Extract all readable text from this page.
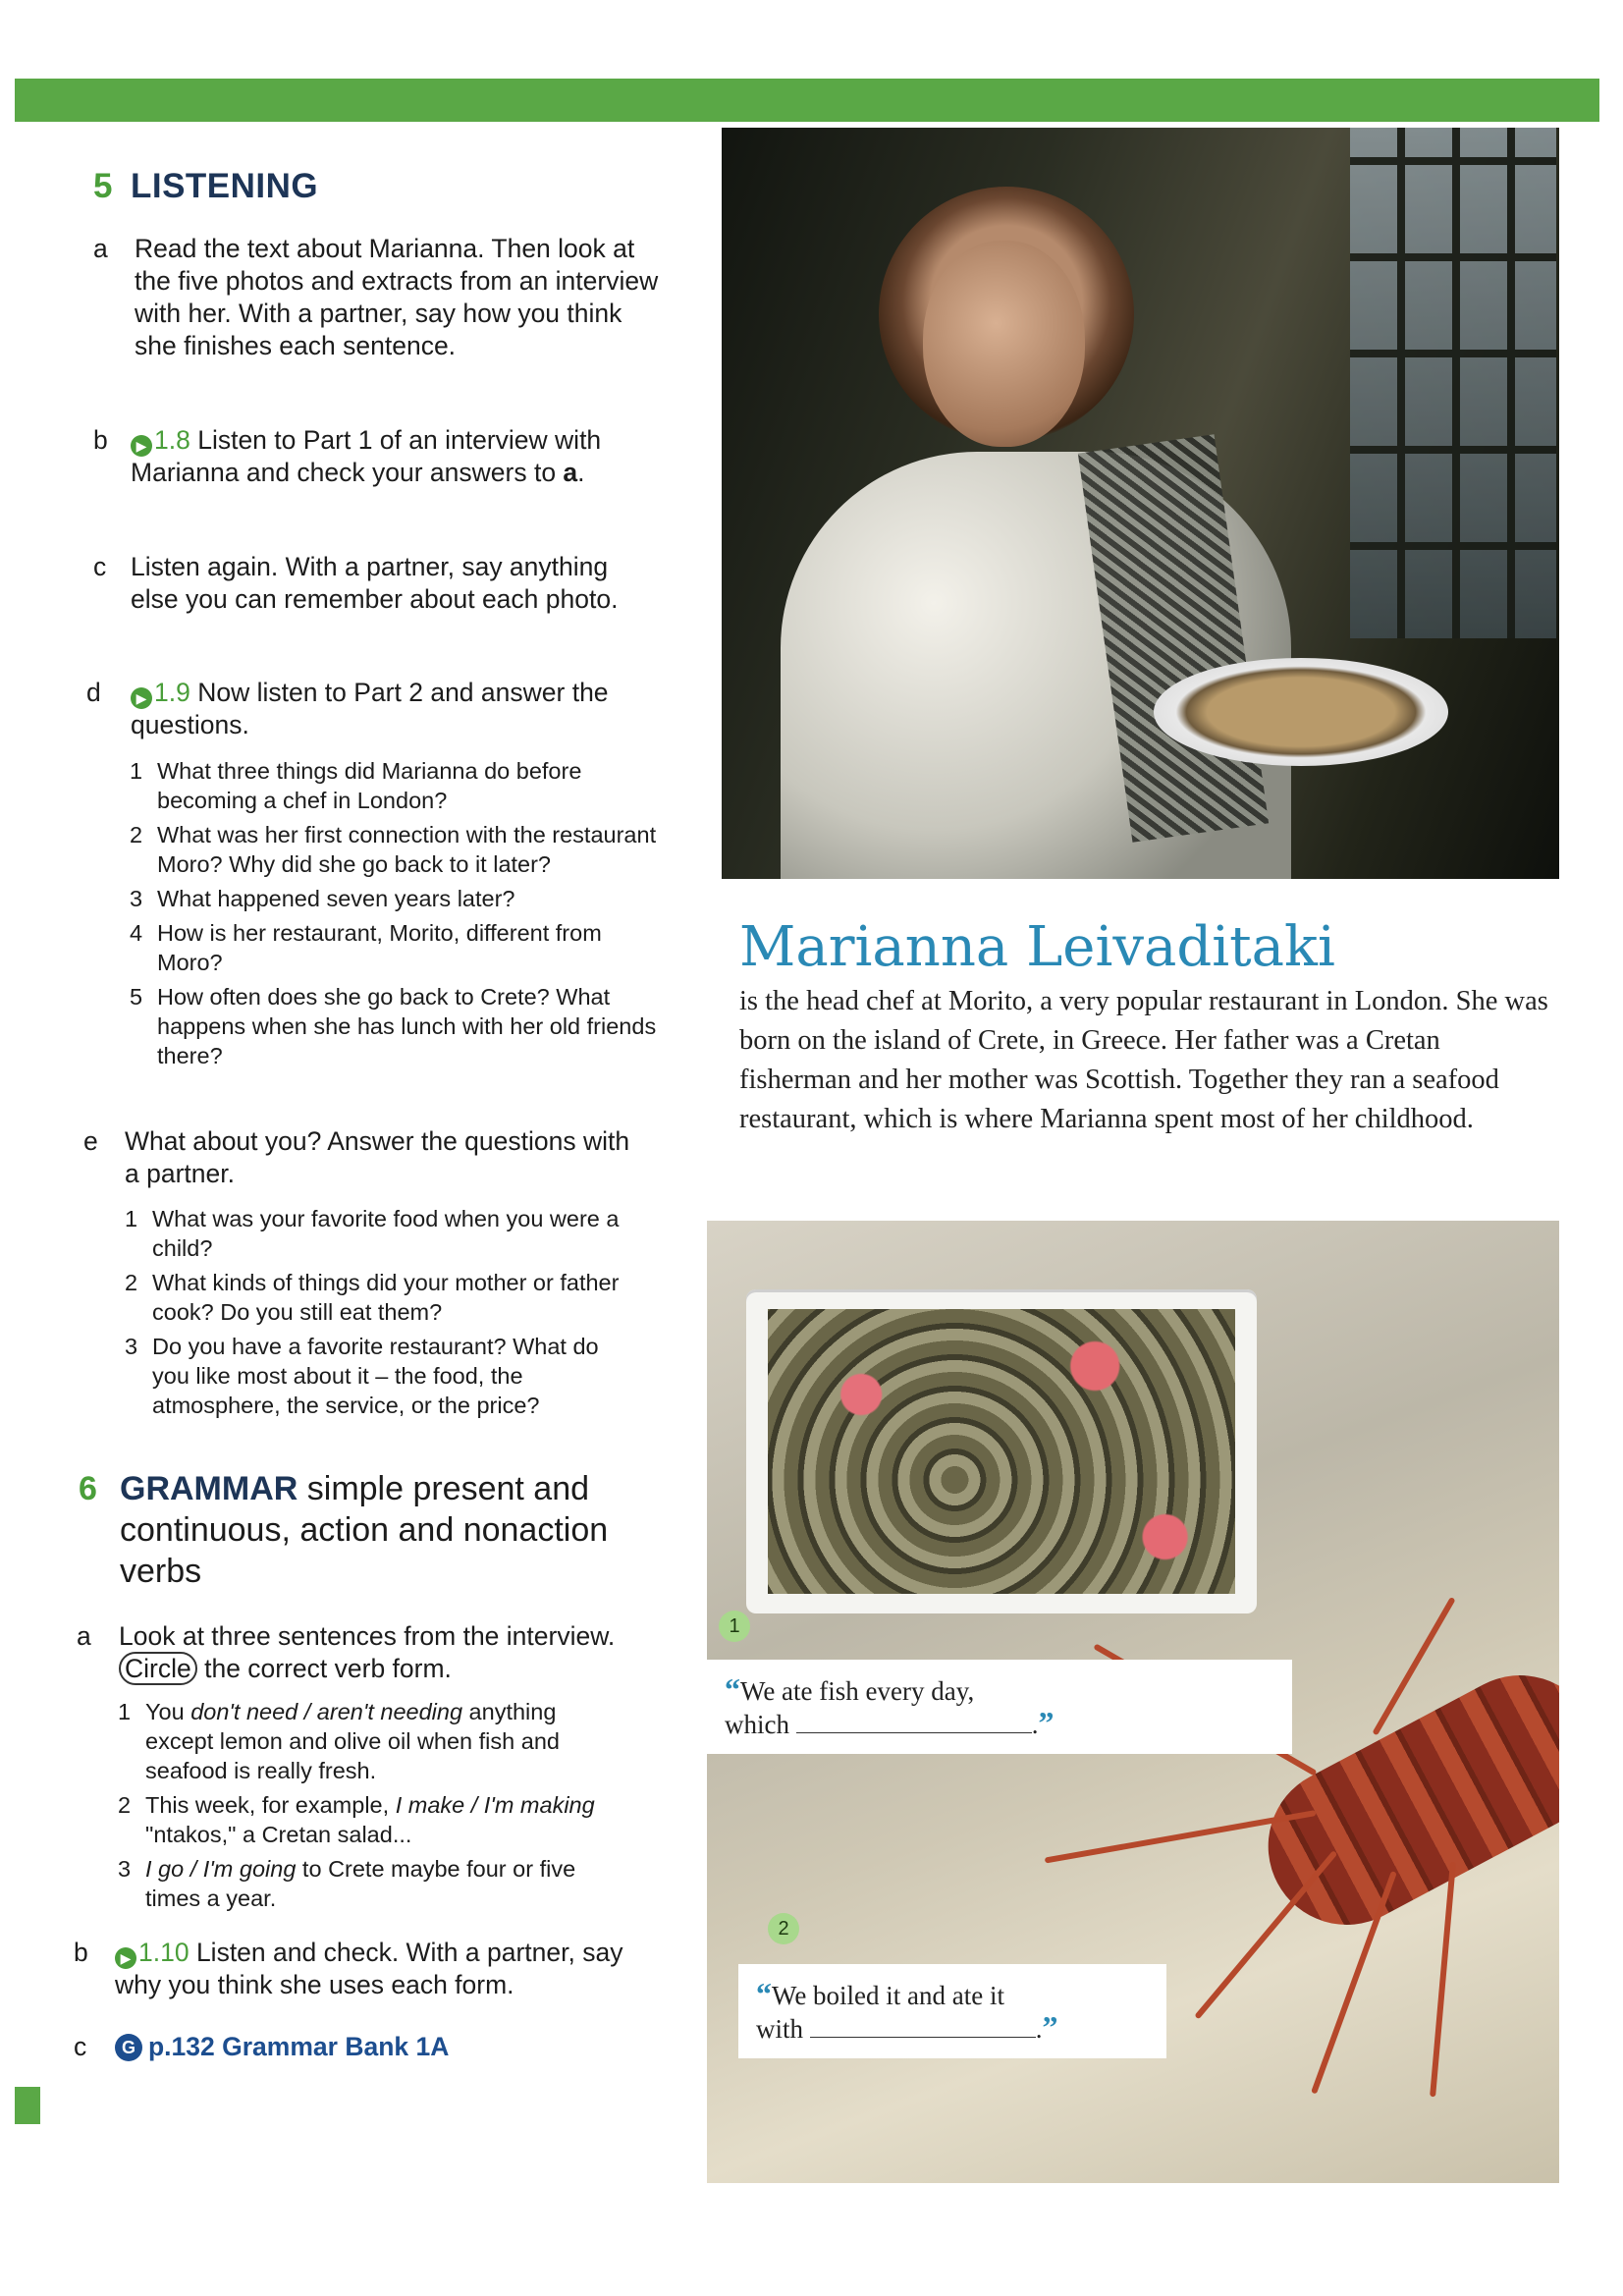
5 LISTENING
a	Read the text about Marianna. Then look at the five photos and extracts from an interview with her. With a partner, say how you think she finishes each sentence.
b	▶ 1.8 Listen to Part 1 of an interview with Marianna and check your answers to a.
c Listen again. With a partner, say anything else you can remember about each photo.
d	▶ 1.9 Now listen to Part 2 and answer the questions.
1 What three things did Marianna do before becoming a chef in London?
2 What was her first connection with the restaurant Moro? Why did she go back to it later?
3 What happened seven years later?
4 How is her restaurant, Morito, different from Moro?
5 How often does she go back to Crete? What happens when she has lunch with her old friends there?
e	What about you? Answer the questions with a partner.
1 What was your favorite food when you were a child?
2 What kinds of things did your mother or father cook? Do you still eat them?
3 Do you have a favorite restaurant? What do you like most about it – the food, the atmosphere, the service, or the price?
6 GRAMMAR simple present and continuous, action and nonaction verbs
a	Look at three sentences from the interview. Circle the correct verb form.
1 You don't need / aren't needing anything except lemon and olive oil when fish and seafood is really fresh.
2 This week, for example, I make / I'm making "ntakos," a Cretan salad...
3 I go / I'm going to Crete maybe four or five times a year.
b	▶ 1.10 Listen and check. With a partner, say why you think she uses each form.
c	G p.132 Grammar Bank 1A
Marianna Leivaditaki
is the head chef at Morito, a very popular restaurant in London. She was born on the island of Crete, in Greece. Her father was a Cretan fisherman and her mother was Scottish. Together they ran a seafood restaurant, which is where Marianna spent most of her childhood.
1
“We ate fish every day,
which	.”
2
“We boiled it and ate it
with	.”
